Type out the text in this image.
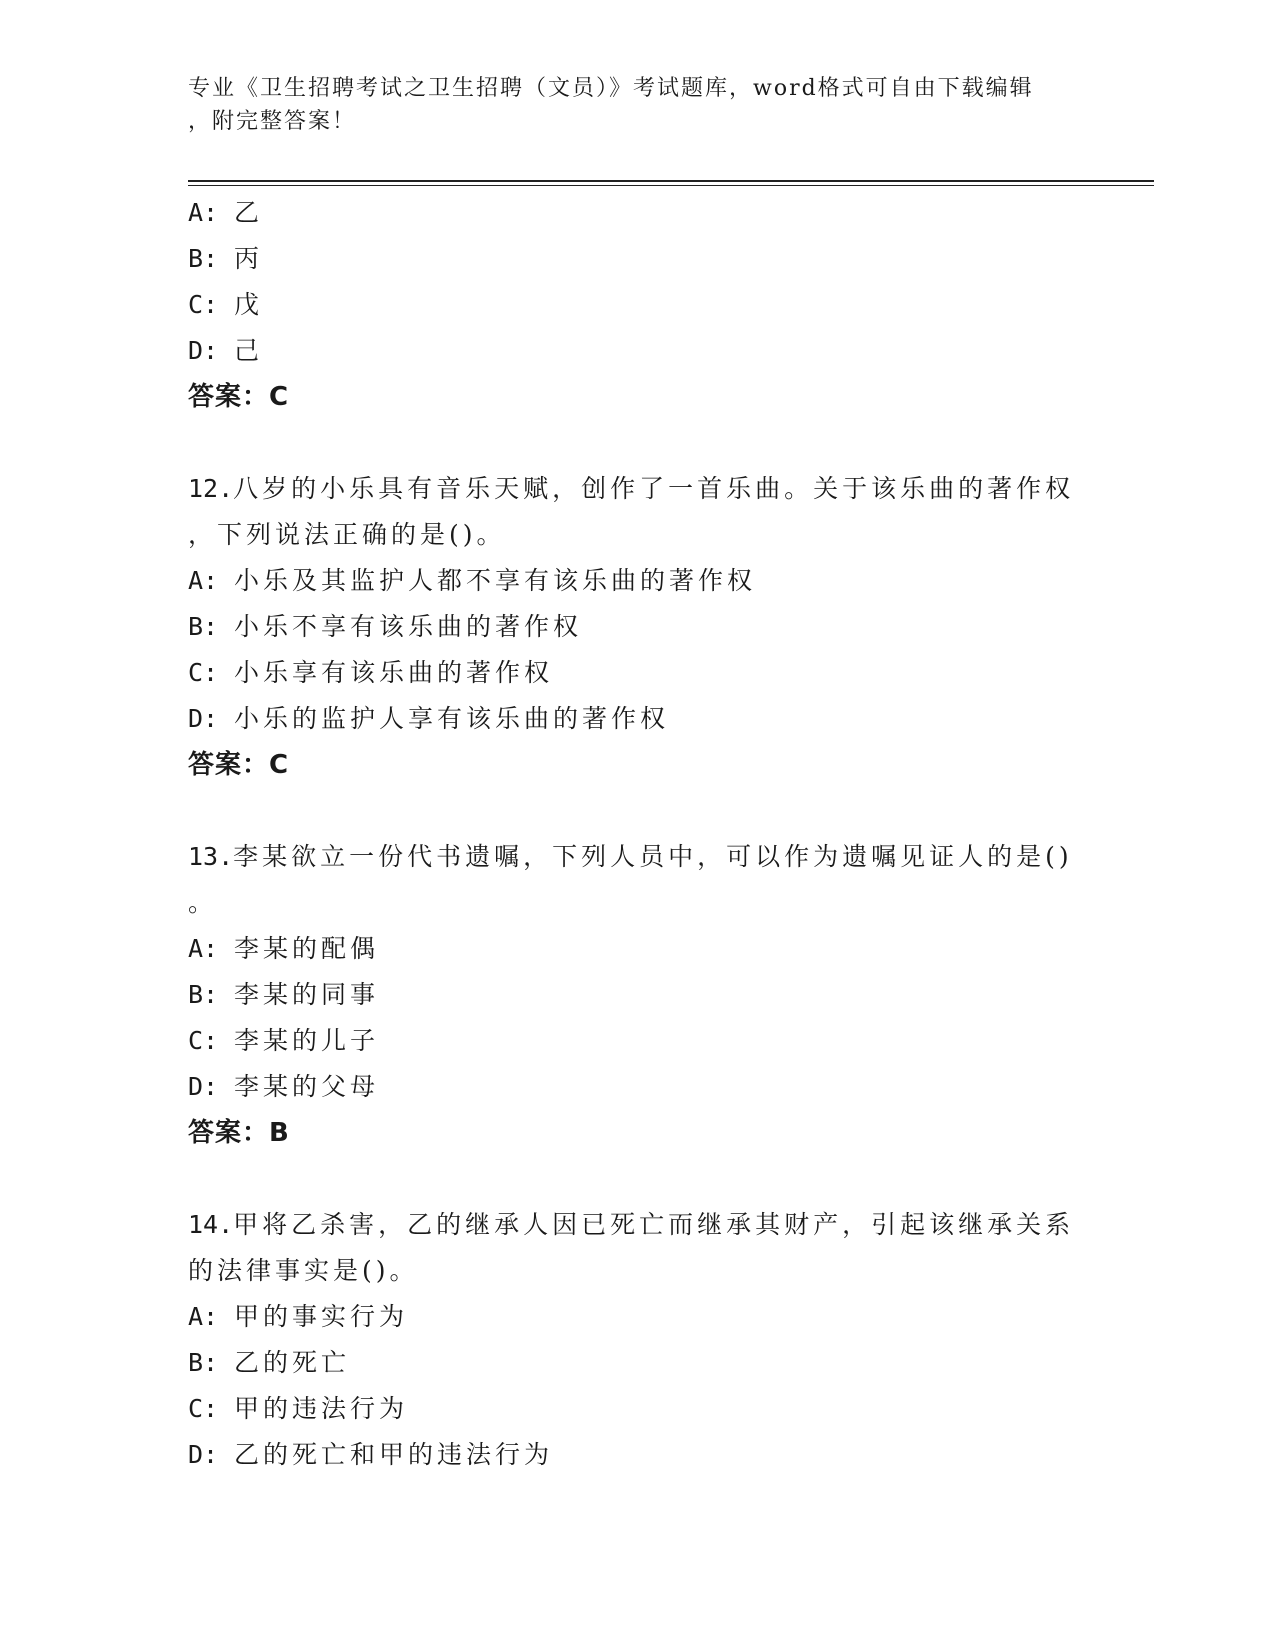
专业《卫生招聘考试之卫生招聘（文员）》考试题库，word格式可自由下载编辑
，附完整答案！
A: 乙
B: 丙
C: 戊
D: 己
答案：C
12.八岁的小乐具有音乐天赋，创作了一首乐曲。关于该乐曲的著作权
，下列说法正确的是()。
A: 小乐及其监护人都不享有该乐曲的著作权
B: 小乐不享有该乐曲的著作权
C: 小乐享有该乐曲的著作权
D: 小乐的监护人享有该乐曲的著作权
答案：C
13.李某欲立一份代书遗嘱，下列人员中，可以作为遗嘱见证人的是()
。
A: 李某的配偶
B: 李某的同事
C: 李某的儿子
D: 李某的父母
答案：B
14.甲将乙杀害，乙的继承人因已死亡而继承其财产，引起该继承关系
的法律事实是()。
A: 甲的事实行为
B: 乙的死亡
C: 甲的违法行为
D: 乙的死亡和甲的违法行为
